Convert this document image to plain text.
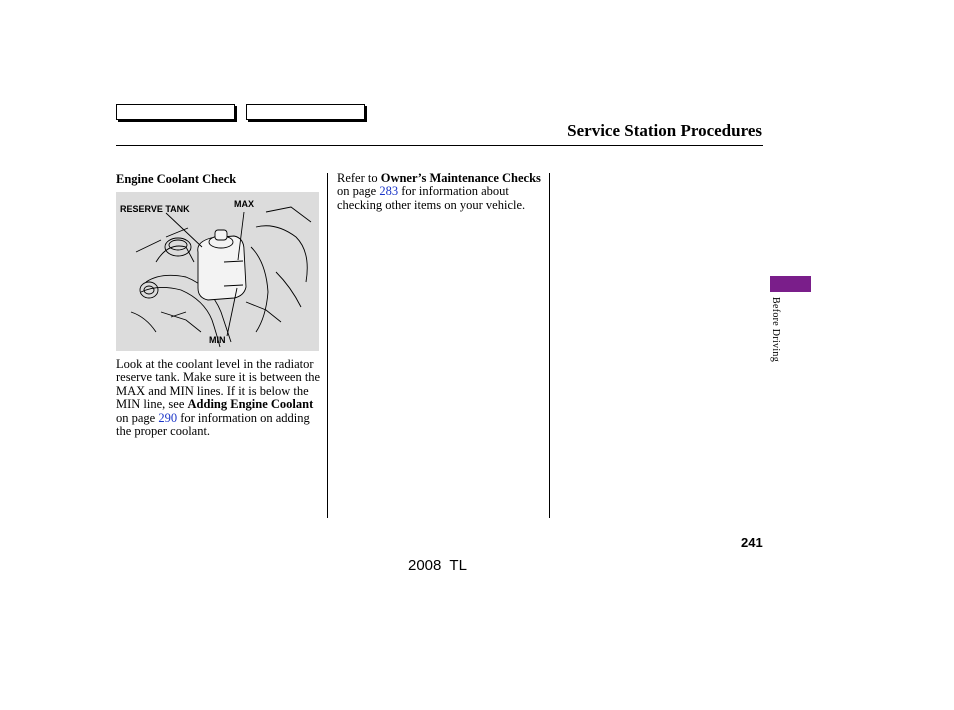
Service Station Procedures
Engine Coolant Check
RESERVE TANK	MAX
MIN
Look at the coolant level in the radiator reserve tank. Make sure it is between the MAX and MIN lines. If it is below the MIN line, see Adding Engine Coolant on page 290 for information on adding the proper coolant.
Refer to Owner’s Maintenance Checks on page 283 for information about checking other items on your vehicle.
Before Driving
241
2008  TL
